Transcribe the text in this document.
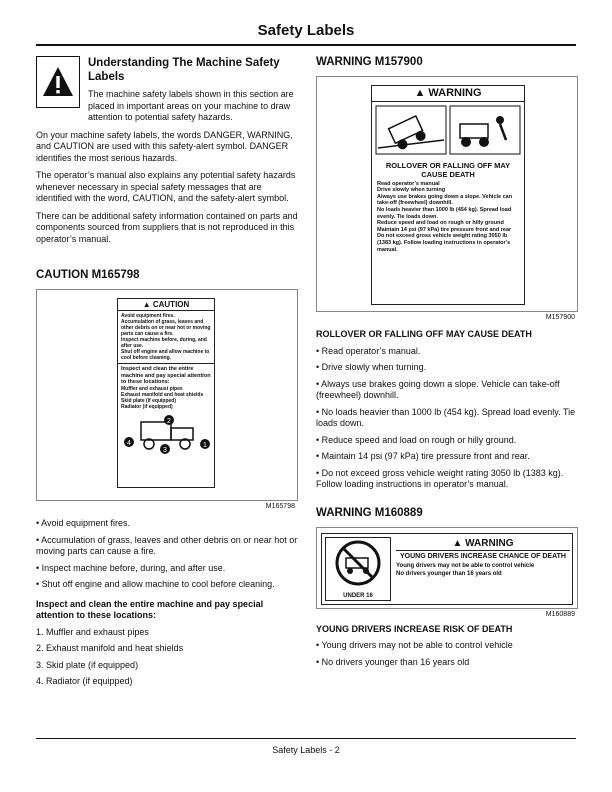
Safety Labels
Understanding The Machine Safety Labels
The machine safety labels shown in this section are placed in important areas on your machine to draw attention to potential safety hazards.
On your machine safety labels, the words DANGER, WARNING, and CAUTION are used with this safety-alert symbol. DANGER identifies the most serious hazards.
The operator’s manual also explains any potential safety hazards whenever necessary in special safety messages that are identified with the word, CAUTION, and the safety-alert symbol.
There can be additional safety information contained on parts and components sourced from suppliers that is not reproduced in this operator’s manual.
CAUTION M165798
▲ CAUTION
Avoid equipment fires.
Accumulation of grass, leaves and other debris on or near hot or moving parts can cause a fire.
Inspect machine before, during, and after use.
Shut off engine and allow machine to cool before cleaning.
Inspect and clean the entire machine and pay special attention to these locations:
Muffler and exhaust pipes
Exhaust manifold and heat shields
Skid plate (if equipped)
Radiator (if equipped)
4
2
3
1
M165798
• Avoid equipment fires.
• Accumulation of grass, leaves and other debris on or near hot or moving parts can cause a fire.
• Inspect machine before, during, and after use.
• Shut off engine and allow machine to cool before cleaning.
Inspect and clean the entire machine and pay special attention to these locations:
1. Muffler and exhaust pipes
2. Exhaust manifold and heat shields
3. Skid plate (if equipped)
4. Radiator (if equipped)
WARNING M157900
▲ WARNING
ROLLOVER OR FALLING OFF MAY CAUSE DEATH
Read operator’s manual
Drive slowly when turning
Always use brakes going down a slope. Vehicle can take-off (freewheel) downhill.
No loads heavier than 1000 lb (454 kg). Spread load evenly. Tie loads down.
Reduce speed and load on rough or hilly ground
Maintain 14 psi (97 kPa) tire pressure front and rear
Do not exceed gross vehicle weight rating 3050 lb (1383 kg). Follow loading instructions in operator’s manual.
M157900
ROLLOVER OR FALLING OFF MAY CAUSE DEATH
• Read operator’s manual.
• Drive slowly when turning.
• Always use brakes going down a slope. Vehicle can take-off (freewheel) downhill.
• No loads heavier than 1000 lb (454 kg). Spread load evenly. Tie loads down.
• Reduce speed and load on rough or hilly ground.
• Maintain 14 psi (97 kPa) tire pressure front and rear.
• Do not exceed gross vehicle weight rating 3050 lb (1383 kg). Follow loading instructions in operator’s manual.
WARNING M160889
UNDER 16
▲ WARNING
YOUNG DRIVERS INCREASE CHANCE OF DEATH
Young drivers may not be able to control vehicle
No drivers younger than 16 years old
M160889
YOUNG DRIVERS INCREASE RISK OF DEATH
• Young drivers may not be able to control vehicle
• No drivers younger than 16 years old
Safety Labels - 2
